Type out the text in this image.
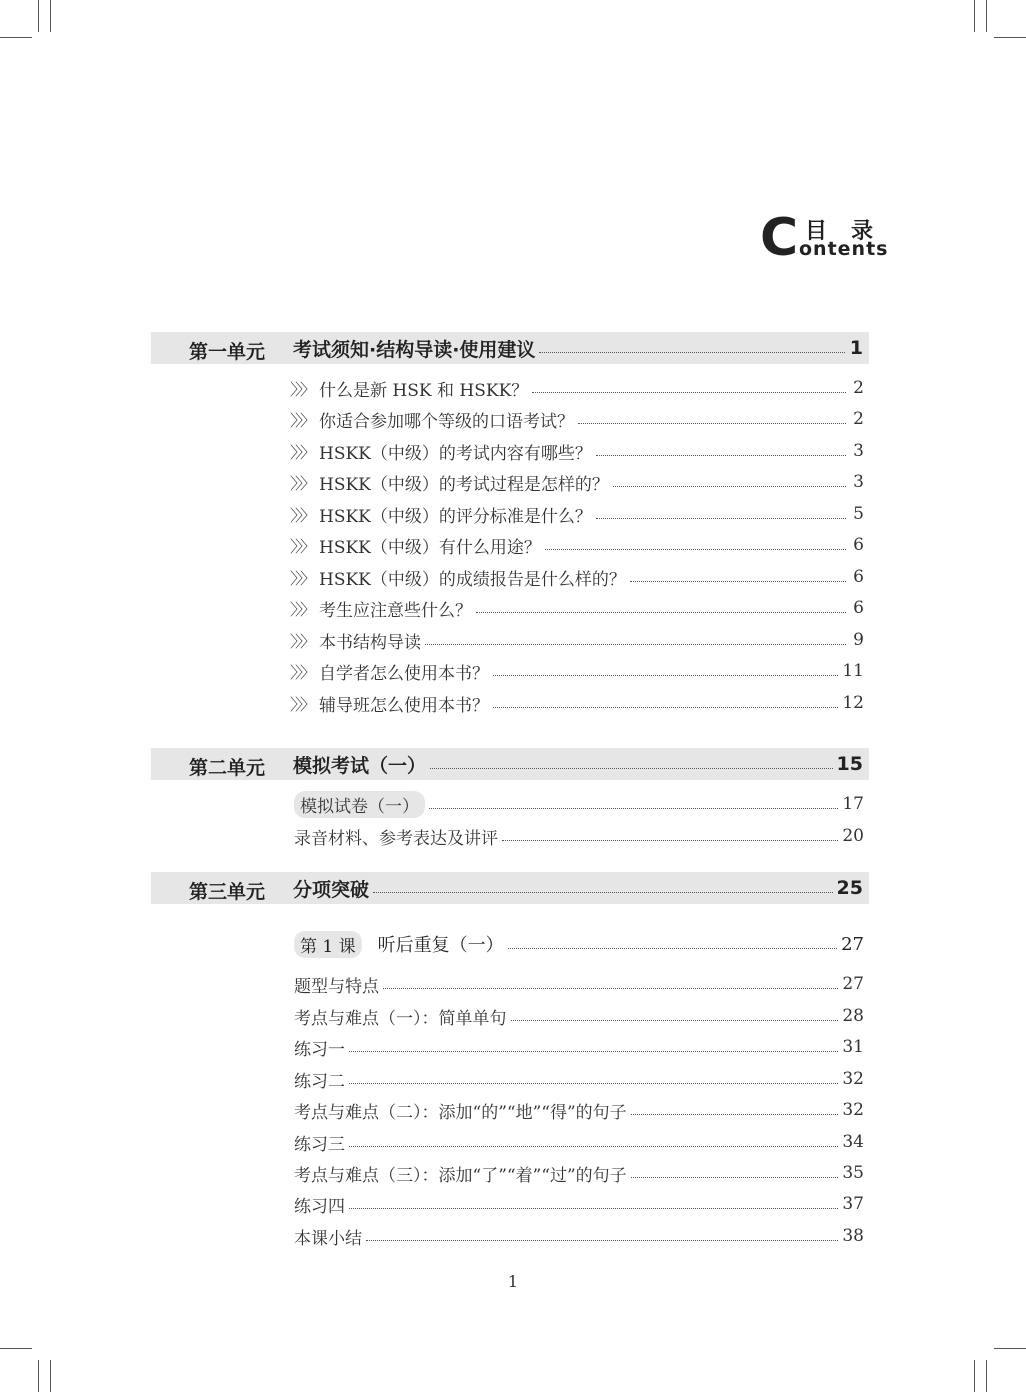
C 目录
ontents
第一单元 考试须知·结构导读·使用建议	1
〉〉〉 什么是新 HSK 和 HSKK？	2
〉〉〉 你适合参加哪个等级的口语考试？	2
〉〉〉 HSKK（中级）的考试内容有哪些？	3
〉〉〉 HSKK（中级）的考试过程是怎样的？	3
〉〉〉 HSKK（中级）的评分标准是什么？	5
〉〉〉 HSKK（中级）有什么用途？	6
〉〉〉 HSKK（中级）的成绩报告是什么样的？	6
〉〉〉 考生应注意些什么？	6
〉〉〉 本书结构导读	9
〉〉〉 自学者怎么使用本书？	11
〉〉〉 辅导班怎么使用本书？	12
第二单元 模拟考试（一）	15
模拟试卷（一）	17
录音材料、参考表达及讲评	20
第三单元 分项突破	25
第 1 课	听后重复（一）	27
题型与特点	27
考点与难点（一）：简单单句	28
练习一	31
练习二	32
考点与难点（二）：添加“的”“地”“得”的句子	32
练习三	34
考点与难点（三）：添加“了”“着”“过”的句子	35
练习四	37
本课小结	38
1
